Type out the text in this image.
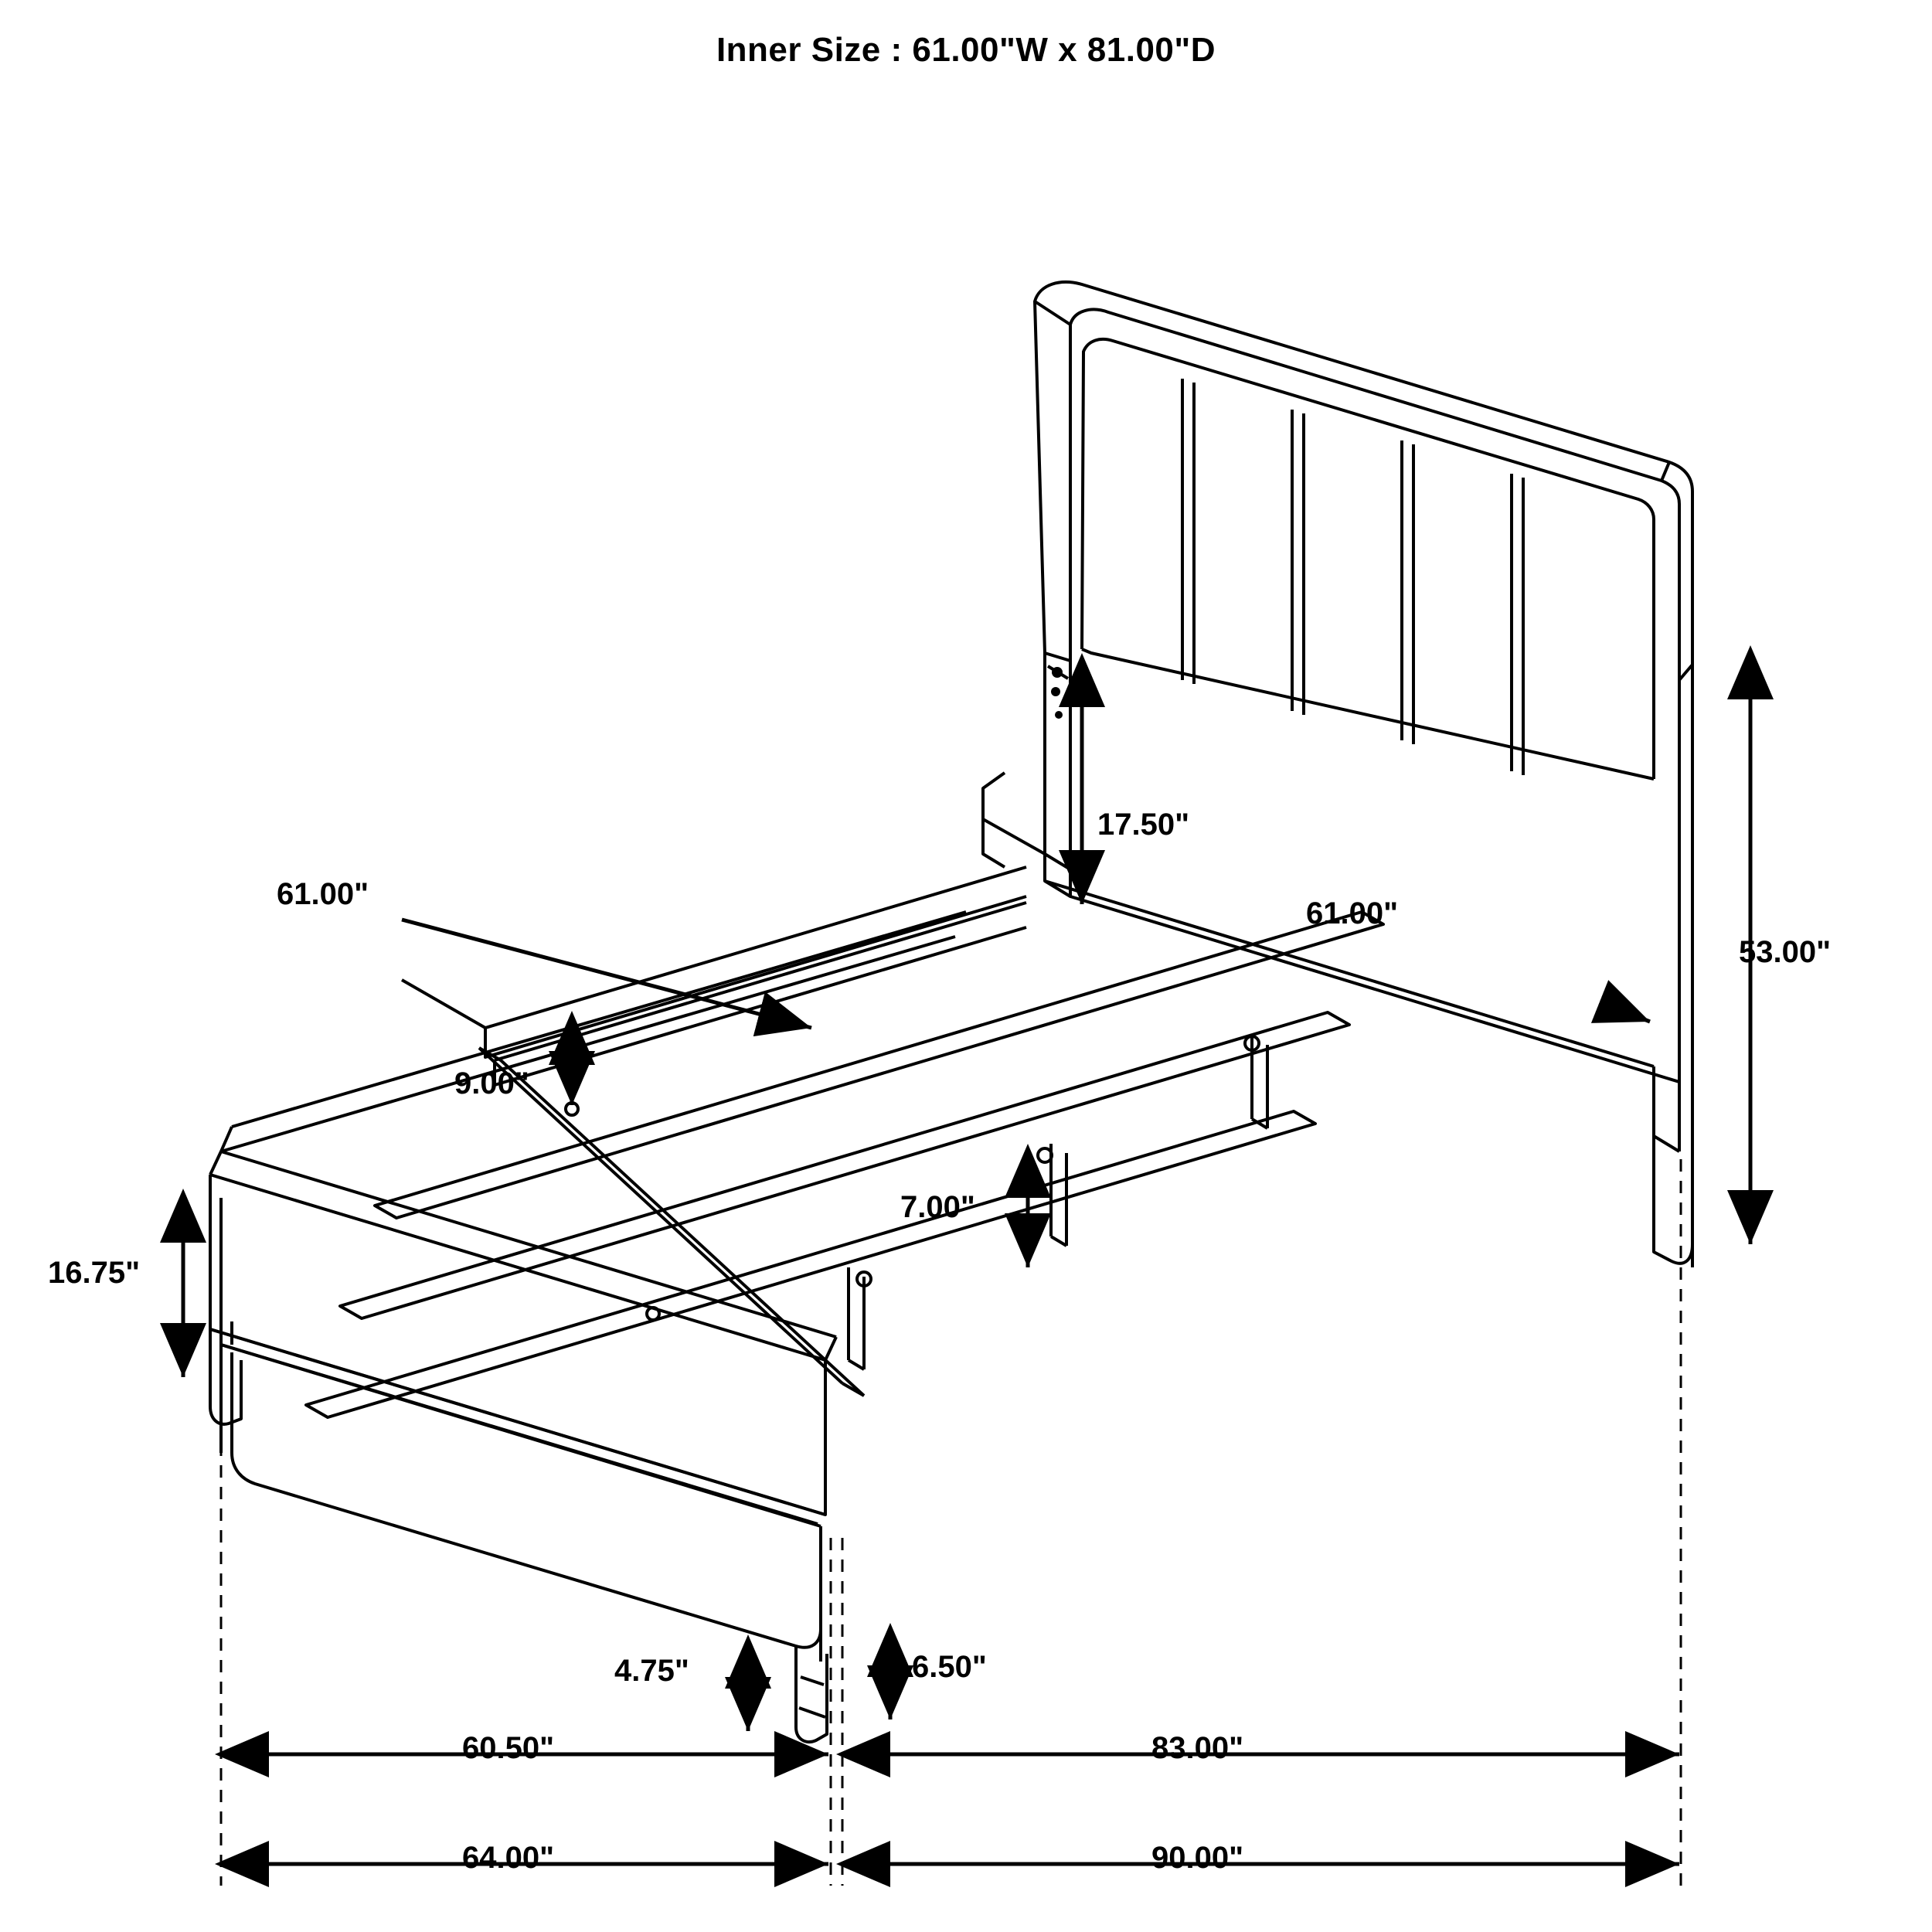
Inner Size : 61.00"W x 81.00"D
17.50"
61.00"
53.00"
61.00"
9.00"
7.00"
16.75"
4.75"	6.50"
60.50"	83.00"
64.00"	90.00"
